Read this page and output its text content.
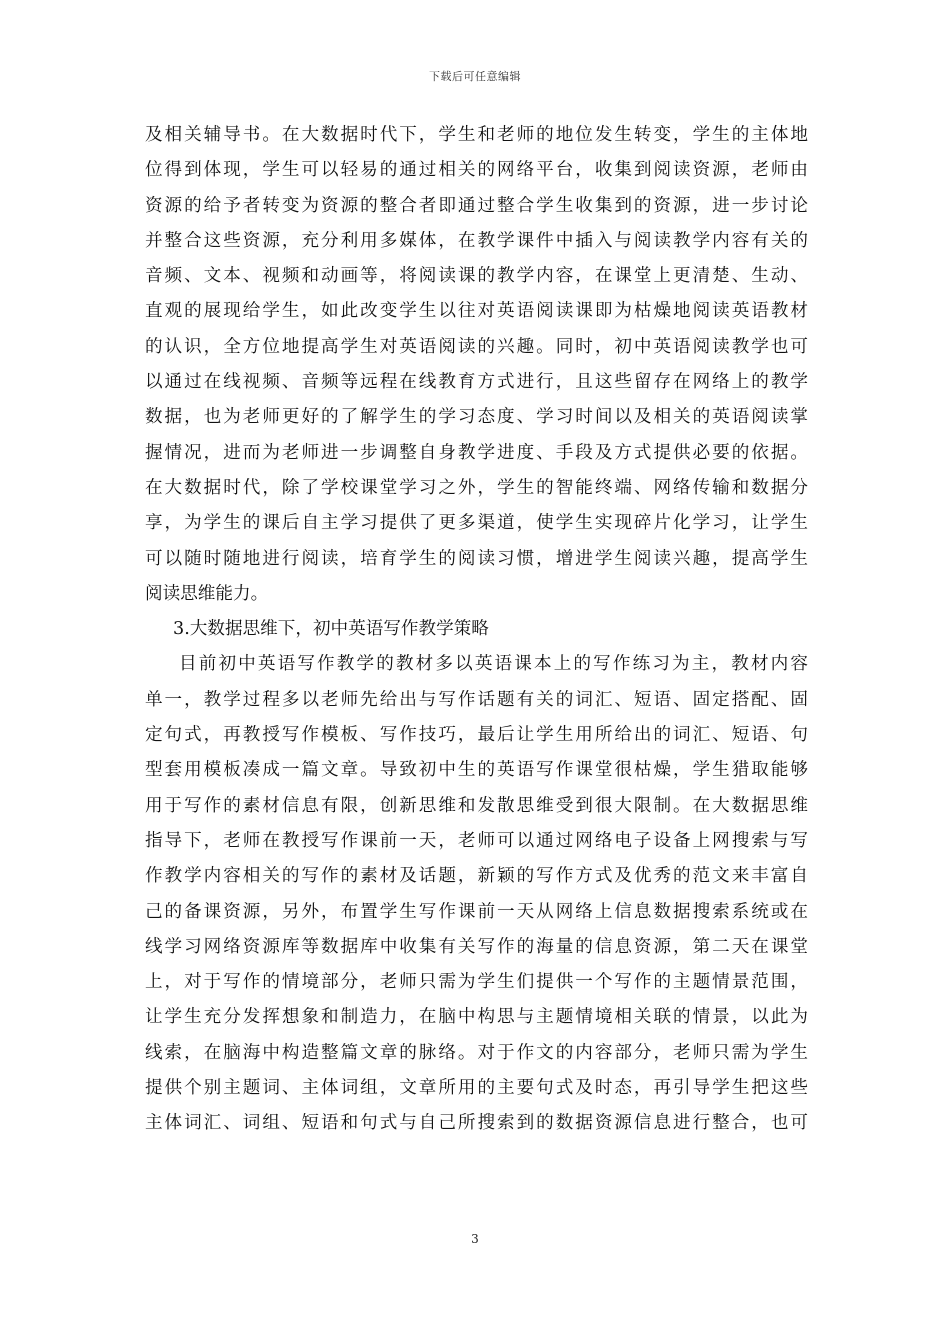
下载后可任意编辑
及相关辅导书。在大数据时代下，学生和老师的地位发生转变，学生的主体地
位得到体现，学生可以轻易的通过相关的网络平台，收集到阅读资源，老师由
资源的给予者转变为资源的整合者即通过整合学生收集到的资源，进一步讨论
并整合这些资源，充分利用多媒体，在教学课件中插入与阅读教学内容有关的
音频、文本、视频和动画等，将阅读课的教学内容，在课堂上更清楚、生动、
直观的展现给学生，如此改变学生以往对英语阅读课即为枯燥地阅读英语教材
的认识，全方位地提高学生对英语阅读的兴趣。同时，初中英语阅读教学也可
以通过在线视频、音频等远程在线教育方式进行，且这些留存在网络上的教学
数据，也为老师更好的了解学生的学习态度、学习时间以及相关的英语阅读掌
握情况，进而为老师进一步调整自身教学进度、手段及方式提供必要的依据。
在大数据时代，除了学校课堂学习之外，学生的智能终端、网络传输和数据分
享，为学生的课后自主学习提供了更多渠道，使学生实现碎片化学习，让学生
可以随时随地进行阅读，培育学生的阅读习惯，增进学生阅读兴趣，提高学生
阅读思维能力。
3.大数据思维下，初中英语写作教学策略
目前初中英语写作教学的教材多以英语课本上的写作练习为主，教材内容
单一，教学过程多以老师先给出与写作话题有关的词汇、短语、固定搭配、固
定句式，再教授写作模板、写作技巧，最后让学生用所给出的词汇、短语、句
型套用模板凑成一篇文章。导致初中生的英语写作课堂很枯燥，学生猎取能够
用于写作的素材信息有限，创新思维和发散思维受到很大限制。在大数据思维
指导下，老师在教授写作课前一天，老师可以通过网络电子设备上网搜索与写
作教学内容相关的写作的素材及话题，新颖的写作方式及优秀的范文来丰富自
己的备课资源，另外，布置学生写作课前一天从网络上信息数据搜索系统或在
线学习网络资源库等数据库中收集有关写作的海量的信息资源，第二天在课堂
上，对于写作的情境部分，老师只需为学生们提供一个写作的主题情景范围，
让学生充分发挥想象和制造力，在脑中构思与主题情境相关联的情景，以此为
线索，在脑海中构造整篇文章的脉络。对于作文的内容部分，老师只需为学生
提供个别主题词、主体词组，文章所用的主要句式及时态，再引导学生把这些
主体词汇、词组、短语和句式与自己所搜索到的数据资源信息进行整合，也可
3
